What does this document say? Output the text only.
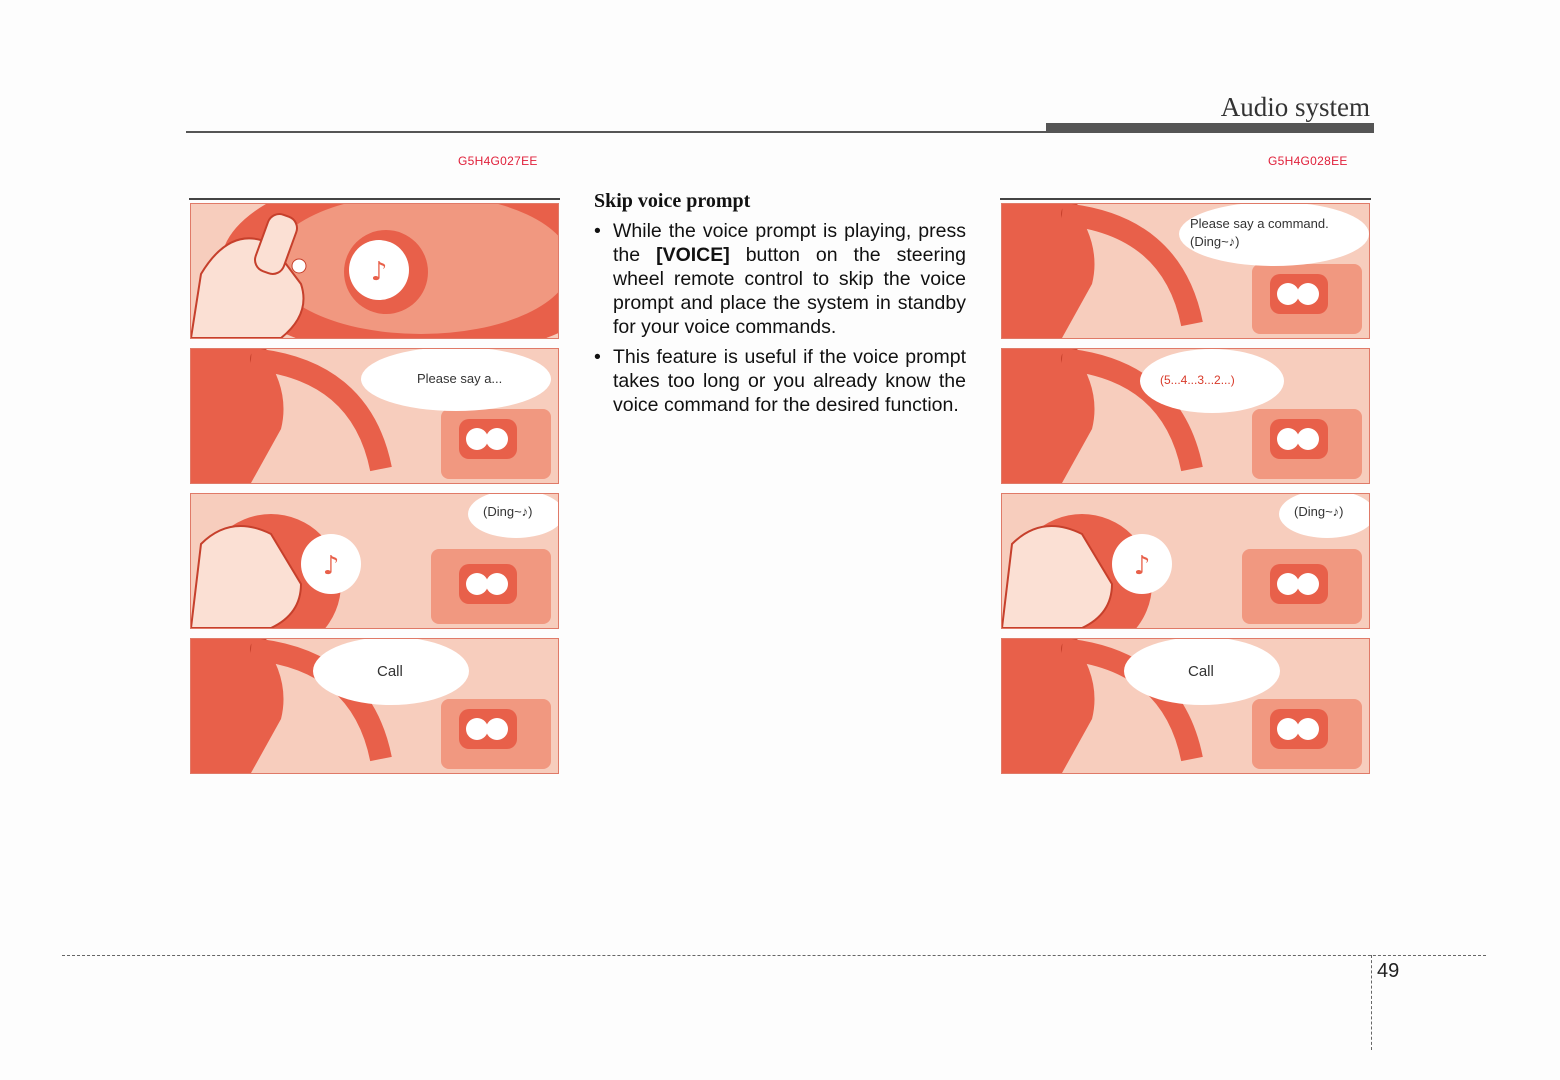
Audio system
G5H4G027EE	G5H4G028EE
♪
Please say a...
♪
(Ding~♪)
Call
Skip voice prompt
• While the voice prompt is playing, press the [VOICE] button on the steering wheel remote control to skip the voice prompt and place the system in standby for your voice commands.
• This feature is useful if the voice prompt takes too long or you already know the voice command for the desired function.
Please say a command.
(Ding~♪)
(5...4...3...2...)
♪
(Ding~♪)
Call
49
